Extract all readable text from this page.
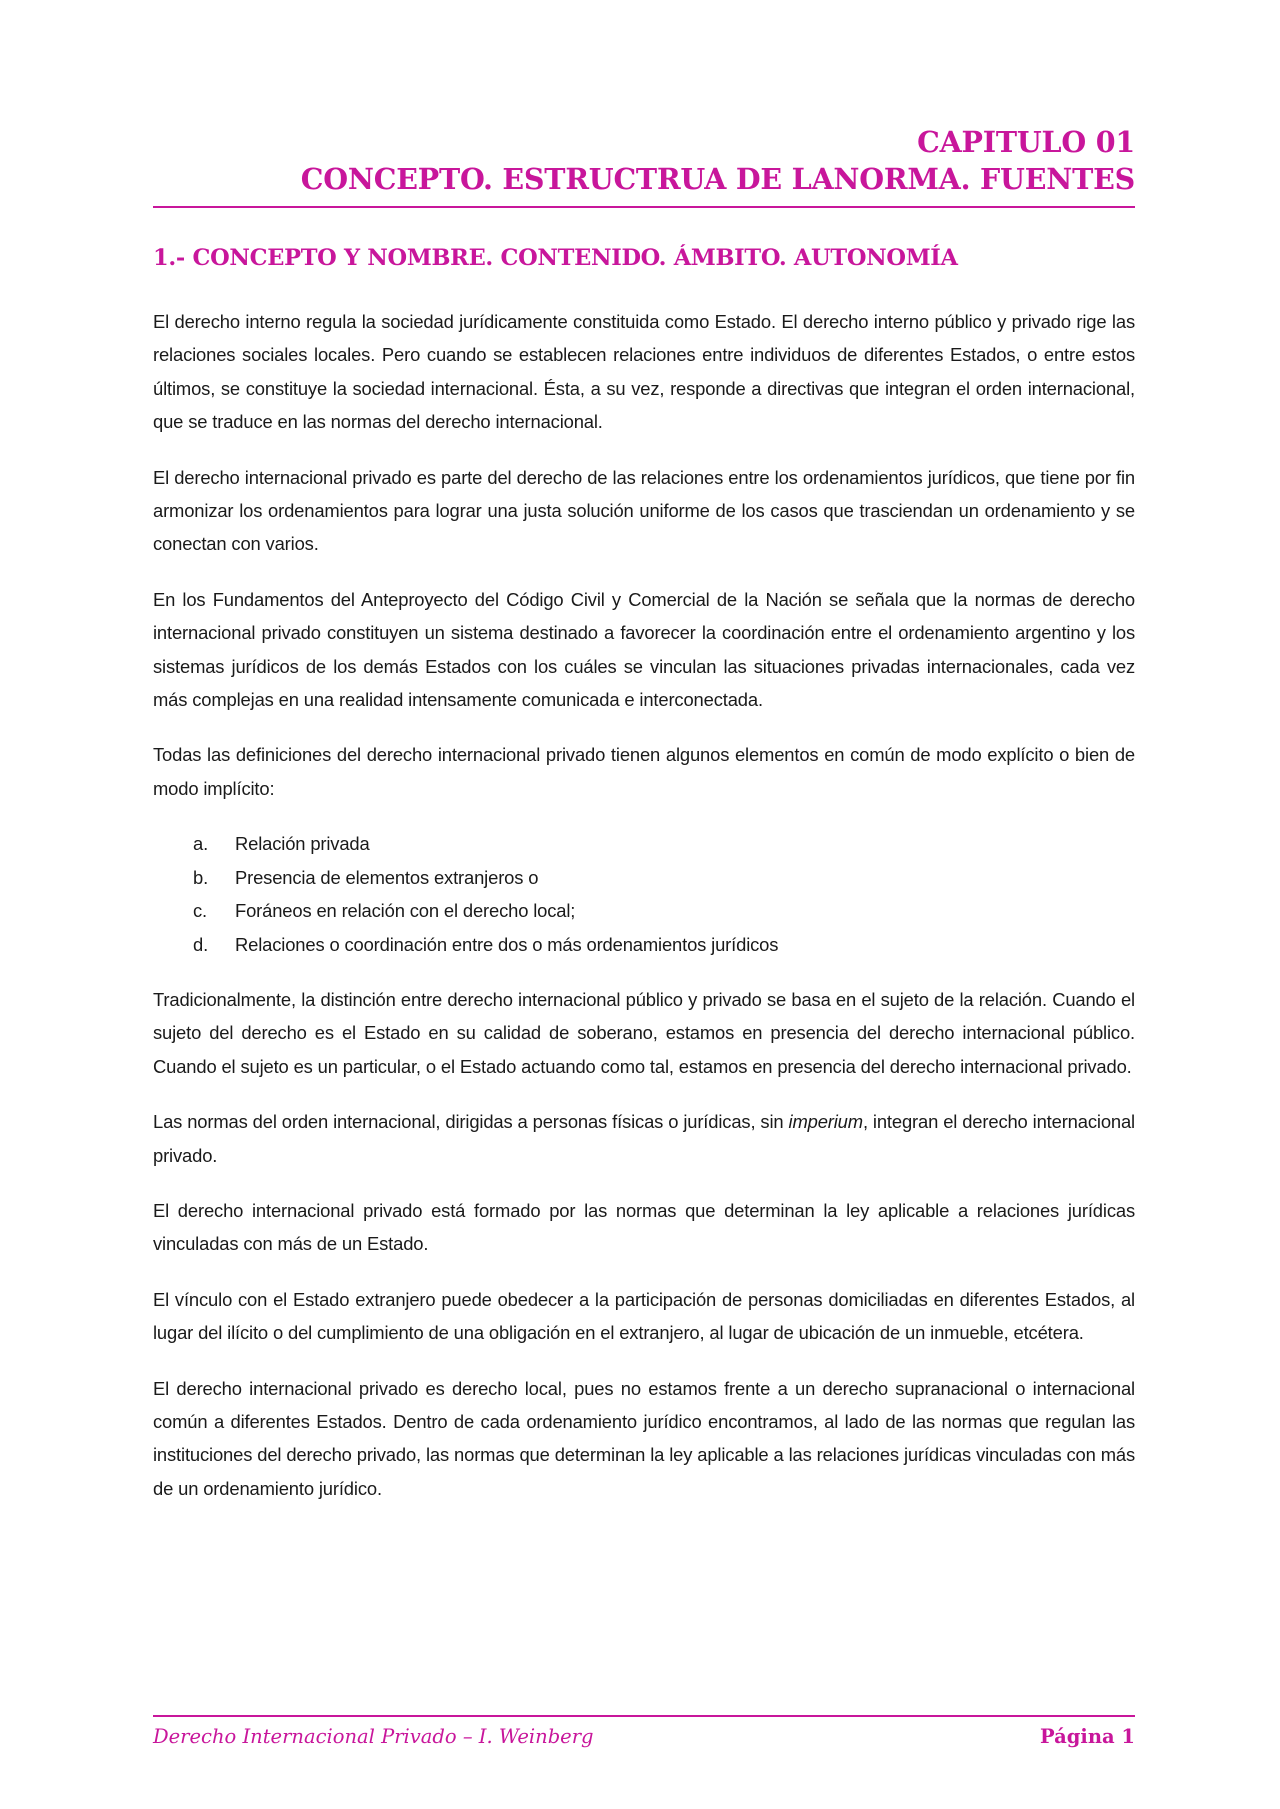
CAPITULO 01
CONCEPTO. ESTRUCTRUA DE LANORMA. FUENTES
1.- CONCEPTO Y NOMBRE. CONTENIDO. ÁMBITO. AUTONOMÍA

El derecho interno regula la sociedad jurídicamente constituida como Estado. El derecho interno público y privado rige las relaciones sociales locales. Pero cuando se establecen relaciones entre individuos de diferentes Estados, o entre estos últimos, se constituye la sociedad internacional. Ésta, a su vez, responde a directivas que integran el orden internacional, que se traduce en las normas del derecho internacional.

El derecho internacional privado es parte del derecho de las relaciones entre los ordenamientos jurídicos, que tiene por fin armonizar los ordenamientos para lograr una justa solución uniforme de los casos que trasciendan un ordenamiento y se conectan con varios.

En los Fundamentos del Anteproyecto del Código Civil y Comercial de la Nación se señala que la normas de derecho internacional privado constituyen un sistema destinado a favorecer la coordinación entre el ordenamiento argentino y los sistemas jurídicos de los demás Estados con los cuáles se vinculan las situaciones privadas internacionales, cada vez más complejas en una realidad intensamente comunicada e interconectada.

Todas las definiciones del derecho internacional privado tienen algunos elementos en común de modo explícito o bien de modo implícito:

a.	Relación privada
b.	Presencia de elementos extranjeros o
c.	Foráneos en relación con el derecho local;
d.	Relaciones o coordinación entre dos o más ordenamientos jurídicos

Tradicionalmente, la distinción entre derecho internacional público y privado se basa en el sujeto de la relación. Cuando el sujeto del derecho es el Estado en su calidad de soberano, estamos en presencia del derecho internacional público. Cuando el sujeto es un particular, o el Estado actuando como tal, estamos en presencia del derecho internacional privado.

Las normas del orden internacional, dirigidas a personas físicas o jurídicas, sin imperium, integran el derecho internacional privado.

El derecho internacional privado está formado por las normas que determinan la ley aplicable a relaciones jurídicas vinculadas con más de un Estado.

El vínculo con el Estado extranjero puede obedecer a la participación de personas domiciliadas en diferentes Estados, al lugar del ilícito o del cumplimiento de una obligación en el extranjero, al lugar de ubicación de un inmueble, etcétera.

El derecho internacional privado es derecho local, pues no estamos frente a un derecho supranacional o internacional común a diferentes Estados. Dentro de cada ordenamiento jurídico encontramos, al lado de las normas que regulan las instituciones del derecho privado, las normas que determinan la ley aplicable a las relaciones jurídicas vinculadas con más de un ordenamiento jurídico.

Derecho Internacional Privado – I. Weinberg	Página 1
